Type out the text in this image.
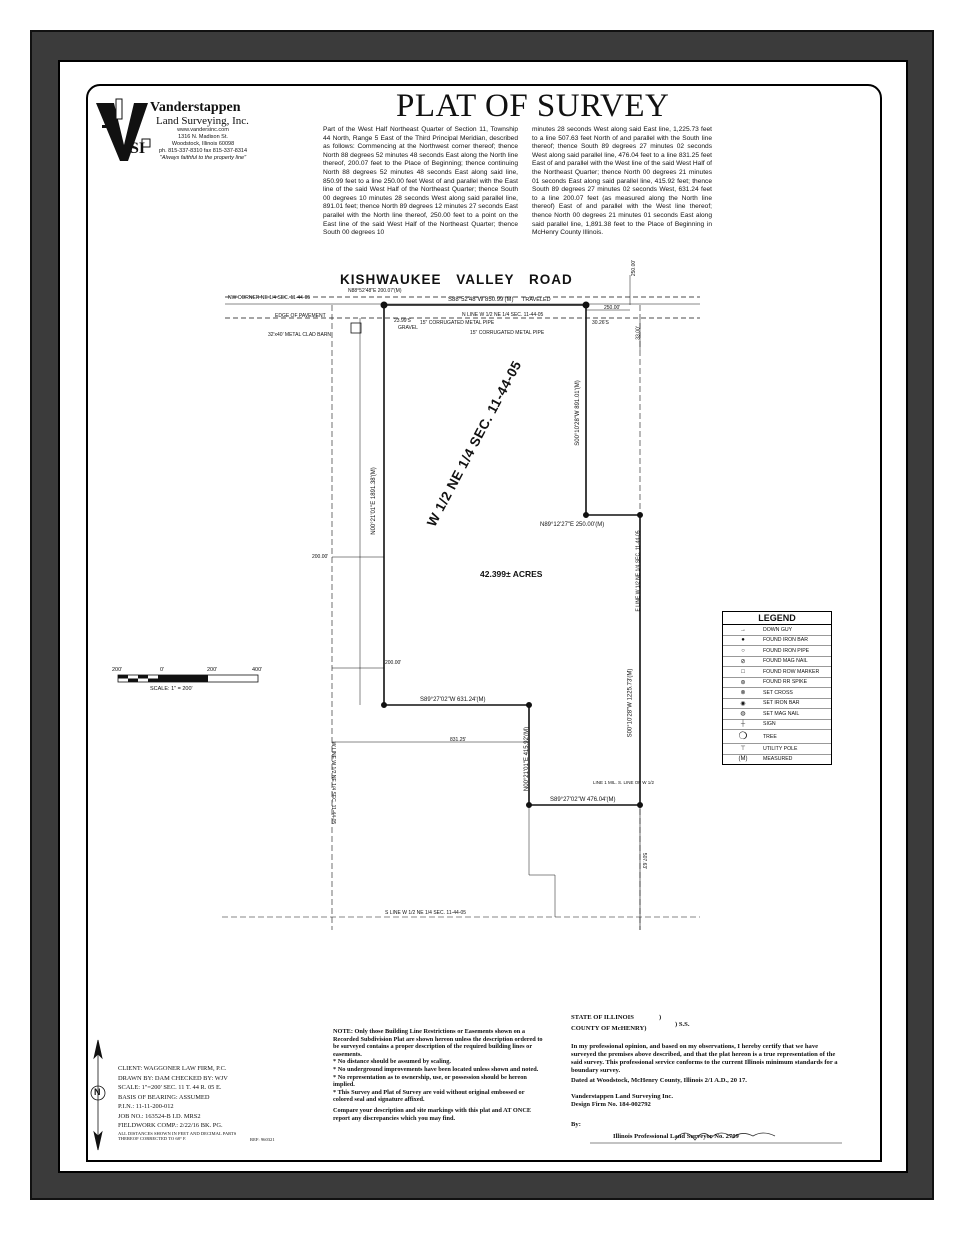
SI
Vanderstappen
Land Surveying, Inc.
www.vandersinc.com
1316 N. Madison St.
Woodstock, Illinois 60098
ph. 815-337-8310 fax 815-337-8314
"Always faithful to the property line"
PLAT OF SURVEY
Part of the West Half Northeast Quarter of Section 11, Township 44 North, Range 5 East of the Third Principal Meridian, described as follows: Commencing at the Northwest corner thereof; thence North 88 degrees 52 minutes 48 seconds East along the North line thereof, 200.07 feet to the Place of Beginning; thence continuing North 88 degrees 52 minutes 48 seconds East along said line, 850.99 feet to a line 250.00 feet West of and parallel with the East line of the said West Half of the Northeast Quarter; thence South 00 degrees 10 minutes 28 seconds West along said parallel line, 891.01 feet; thence North 89 degrees 12 minutes 27 seconds East parallel with the North line thereof, 250.00 feet to a point on the East line of the said West Half of the Northeast Quarter; thence South 00 degrees 10
minutes 28 seconds West along said East line, 1,225.73 feet to a line 507.63 feet North of and parallel with the South line thereof; thence South 89 degrees 27 minutes 02 seconds West along said parallel line, 476.04 feet to a line 831.25 feet East of and parallel with the West line of the said West Half of the Northeast Quarter; thence North 00 degrees 21 minutes 01 seconds East along said parallel line, 415.92 feet; thence South 89 degrees 27 minutes 02 seconds West, 631.24 feet to a line 200.07 feet (as measured along the North line thereof) East of and parallel with the West line thereof; thence North 00 degrees 21 minutes 01 seconds East along said parallel line, 1,891.38 feet to the Place of Beginning in McHenry County Illinois.
KISHWAUKEE VALLEY ROAD
NW CORNER NE 1/4 SEC. 11-44-05
N88°52'48"E 200.07'(M)
S88°52'48"W 850.99'(M) TRAVELED
EDGE OF PAVEMENT	N LINE W 1/2 NE 1/4 SEC. 11-44-05
15" CORRUGATED METAL PIPE
15" CORRUGATED METAL PIPE
GRAVEL
32'x40' METAL CLAD BARN
23.99'S	30.26'S
250.00'
250.00'
33.00'
N00°21'01"E 1891.38'(M)
S00°10'28"W 891.01'(M)
N89°12'27"E 250.00'(M)
E LINE W 1/2 NE 1/4 SEC. 11-44-05
S00°10'28"W 1225.73'(M)
200.00'
200.00'
S89°27'02"W 631.24'(M)
831.25'	N00°21'01"E 415.92'(M)
S89°27'02"W 476.04'(M)
W LINE W 1/2 NE 1/4 SEC. 11-44-05
S LINE W 1/2 NE 1/4 SEC. 11-44-05
507.63'
LINE 1 MIL. S. LINE OF W 1/2
W 1/2 NE 1/4 SEC. 11-44-05
42.399± ACRES
200'	0'	200'	400'
SCALE: 1" = 200'
LEGEND
→	DOWN GUY
●	FOUND IRON BAR
○	FOUND IRON PIPE
⊘	FOUND MAG NAIL
□	FOUND ROW MARKER
⊛	FOUND RR SPIKE
⊗	SET CROSS
◉	SET IRON BAR
◍	SET MAG NAIL
┼	SIGN
❍	TREE
⊤	UTILITY POLE
(M)	MEASURED
N
CLIENT: WAGGONER LAW FIRM, P.C.
DRAWN BY: DAM CHECKED BY: WJV
SCALE: 1"=200' SEC. 11 T. 44 R. 05 E.
BASIS OF BEARING: ASSUMED
P.I.N.: 11-11-200-012
JOB NO.: 163524-B I.D. MRS2
FIELDWORK COMP.: 2/22/16 BK. PG.
ALL DISTANCES SHOWN IN FEET AND DECIMAL PARTS THEREOF CORRECTED TO 68° F.	REF: 960321
NOTE: Only those Building Line Restrictions or Easements shown on a Recorded Subdivision Plat are shown hereon unless the description ordered to be surveyed contains a proper description of the required building lines or easements.
* No distance should be assumed by scaling.
* No underground improvements have been located unless shown and noted.
* No representation as to ownership, use, or possession should be hereon implied.
* This Survey and Plat of Survey are void without original embossed or colored seal and signature affixed.
Compare your description and site markings with this plat and AT ONCE report any discrepancies which you may find.
STATE OF ILLINOIS	)
COUNTY OF McHENRY)
) S.S.
In my professional opinion, and based on my observations, I hereby certify that we have surveyed the premises above described, and that the plat hereon is a true representation of the said survey. This professional service conforms to the current Illinois minimum standards for a boundary survey.
Dated at Woodstock, McHenry County, Illinois 2/1 A.D., 20 17.
Vanderstappen Land Surveying Inc.
Design Firm No. 184-002792
By:	W. J. Vanderstappen
Illinois Professional Land Surveyor No. 2709
